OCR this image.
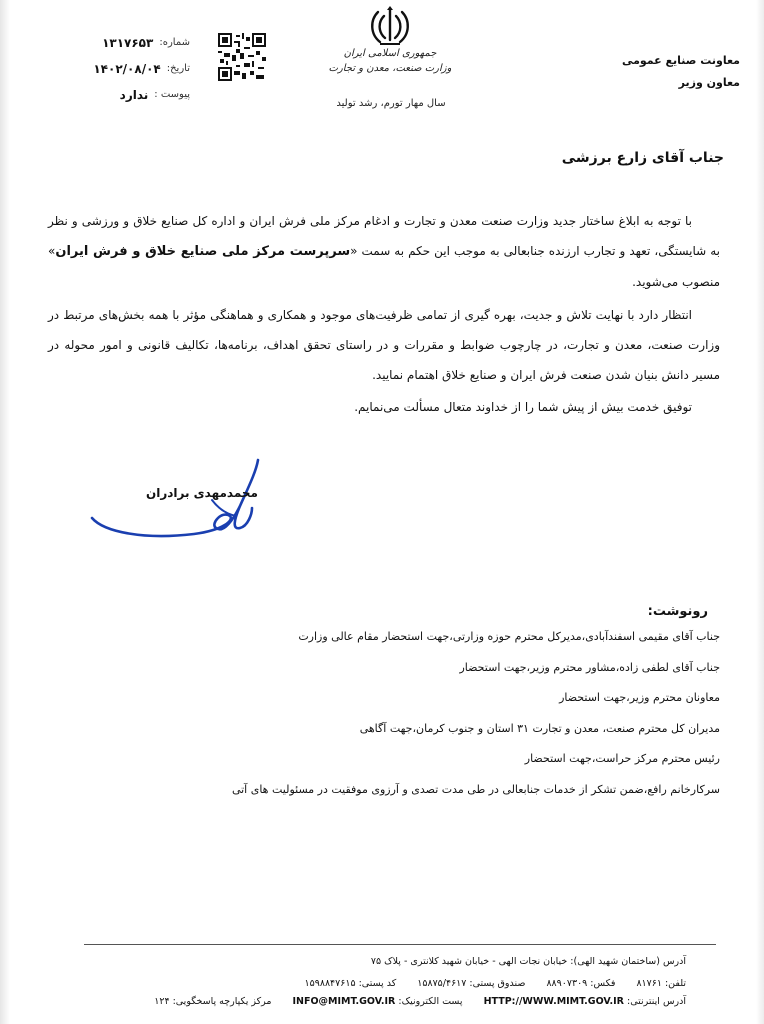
معاونت صنایع عمومی
معاون وزیر
جمهوری اسلامی ایران
وزارت صنعت، معدن و تجارت
سال مهار تورم، رشد تولید
شماره:
۱۳۱۷۶۵۳
تاریخ:
۱۴۰۲/۰۸/۰۴
پیوست :
ندارد
جناب آقای زارع برزشی
با توجه به ابلاغ ساختار جدید وزارت صنعت معدن و تجارت و ادغام مرکز ملی فرش ایران و اداره کل صنایع خلاق و ورزشی و نظر به شایستگی، تعهد و تجارب ارزنده جنابعالی به موجب این حکم به سمت «سرپرست مرکز ملی صنایع خلاق و فرش ایران» منصوب می‌شوید.
انتظار دارد با نهایت تلاش و جدیت، بهره گیری از تمامی ظرفیت‌های موجود و همکاری و هماهنگی مؤثر با همه بخش‌های مرتبط در وزارت صنعت، معدن و تجارت، در چارچوب ضوابط و مقررات و در راستای تحقق اهداف، برنامه‌ها، تکالیف قانونی و امور محوله در مسیر دانش بنیان شدن صنعت فرش ایران و صنایع خلاق اهتمام نمایید.
توفیق خدمت بیش از پیش شما را از خداوند متعال مسألت می‌نمایم.
محمدمهدی برادران
رونوشت:
جناب آقای مقیمی اسفندآبادی،مدیرکل محترم حوزه وزارتی،جهت استحضار مقام عالی وزارت
جناب آقای لطفی زاده،مشاور محترم وزیر،جهت استحضار
معاونان محترم وزیر،جهت استحضار
مدیران کل محترم صنعت، معدن و تجارت ۳۱ استان و جنوب کرمان،جهت آگاهی
رئیس محترم مرکز حراست،جهت استحضار
سرکارخانم رافع،ضمن تشکر از خدمات جنابعالی در طی مدت تصدی و آرزوی موفقیت در مسئولیت های آتی
آدرس (ساختمان شهید الهی): خیابان نجات الهی - خیابان شهید کلانتری - پلاک ۷۵
تلفن: ۸۱۷۶۱ فکس: ۸۸۹۰۷۳۰۹ صندوق پستی: ۱۵۸۷۵/۴۶۱۷ کد پستی: ۱۵۹۸۸۴۷۶۱۵
آدرس اینترنتی: HTTP://WWW.MIMT.GOV.IR پست الکترونیک: INFO@MIMT.GOV.IR مرکز یکپارچه پاسخگویی: ۱۲۴
